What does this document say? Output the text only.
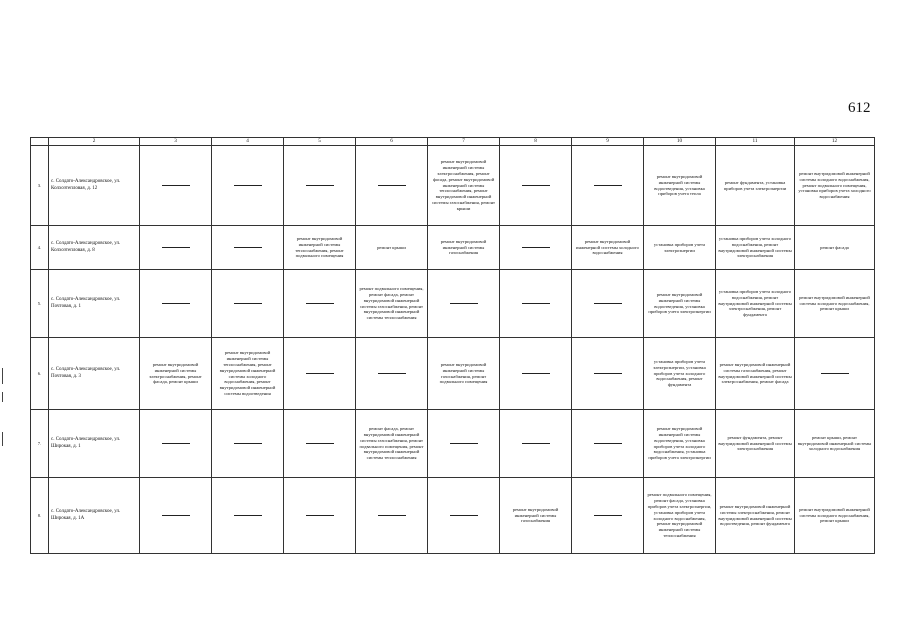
612
	2	3	4	5	6	7	8	9	10	11	12
3.	с. Солдато-Александровское, ул. Колхозтепловая, д. 12					ремонт внутридомовой инженерной системы электроснабжения, ремонт фасада, ремонт внутридомовой инженерной системы теплоснабжения, ремонт внутридомовой инженерной системы газоснабжения, ремонт крыши			ремонт внутридомовой инженерной системы водоотведения, установка приборов учета тепла	ремонт фундамента, установка приборов учета электроэнергии	ремонт внутридомовой инженерной системы холодного водоснабжения, ремонт подвального помещения, установка приборов учета холодного водоснабжения
4.	с. Солдато-Александровское, ул. Колхозтепловая, д. 8			ремонт внутридомовой инженерной системы теплоснабжения, ремонт подвального помещения	ремонт крыши	ремонт внутридомовой инженерной системы газоснабжения		ремонт внутридомовой инженерной системы холодного водоснабжения	установка приборов учета электроэнергии	установка приборов учета холодного водоснабжения, ремонт внутридомовой инженерной системы электроснабжения	ремонт фасада
5.	с. Солдато-Александровское, ул. Почтовая, д. 1				ремонт подвального помещения, ремонт фасада, ремонт внутридомовой инженерной системы газоснабжения, ремонт внутридомовой инженерной системы теплоснабжения				ремонт внутридомовой инженерной системы водоотведения, установка приборов учета электроэнергии	установка приборов учета холодного водоснабжения, ремонт внутридомовой инженерной системы электроснабжения, ремонт фундамента	ремонт внутридомовой инженерной системы холодного водоснабжения, ремонт крыши
6.	с. Солдато-Александровское, ул. Почтовая, д. 3	ремонт внутридомовой инженерной системы электроснабжения, ремонт фасада, ремонт крыши	ремонт внутридомовой инженерной системы теплоснабжения, ремонт внутридомовой инженерной системы холодного водоснабжения, ремонт внутридомовой инженерной системы водоотведения			ремонт внутридомовой инженерной системы газоснабжения, ремонт подвального помещения			установка приборов учета электроэнергии, установка приборов учета холодного водоснабжения, ремонт фундамента	ремонт внутридомовой инженерной системы газоснабжения, ремонт внутридомовой инженерной системы электроснабжения, ремонт фасада	
7.	с. Солдато-Александровское, ул. Широкая, д. 1				ремонт фасада, ремонт внутридомовой инженерной системы газоснабжения, ремонт подвального помещения, ремонт внутридомовой инженерной системы теплоснабжения				ремонт внутридомовой инженерной системы водоотведения, установка приборов учета холодного водоснабжения, установка приборов учета электроэнергии	ремонт фундамента, ремонт внутридомовой инженерной системы электроснабжения	ремонт крыши, ремонт внутридомовой инженерной системы холодного водоснабжения
8.	с. Солдато-Александровское, ул. Широкая, д. 1А						ремонт внутридомовой инженерной системы газоснабжения		ремонт подвального помещения, ремонт фасада, установка приборов учета электроэнергии, установка приборов учета холодного водоснабжения, ремонт внутридомовой инженерной системы теплоснабжения	ремонт внутридомовой инженерной системы электроснабжения, ремонт внутридомовой инженерной системы водоотведения, ремонт фундамента	ремонт внутридомовой инженерной системы холодного водоснабжения, ремонт крыши
